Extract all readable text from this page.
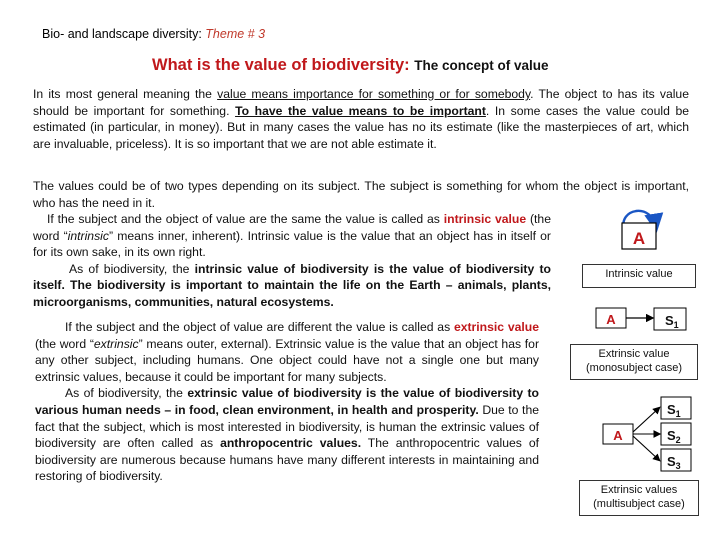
Bio- and landscape diversity: Theme # 3
What is the value of biodiversity: The concept of value
In its most general meaning the value means importance for something or for somebody. The object to has its value should be important for something. To have the value means to be important. In some cases the value could be estimated (in particular, in money). But in many cases the value has no its estimate (like the masterpieces of art, which are invaluable, priceless). It is so important that we are not able estimate it.
The values could be of two types depending on its subject. The subject is something for whom the object is important, who has the need in it.
If the subject and the object of value are the same the value is called as intrinsic value (the word “intrinsic” means inner, inherent). Intrinsic value is the value that an object has in itself or for its own sake, in its own right.
As of biodiversity, the intrinsic value of biodiversity is the value of biodiversity to itself. The biodiversity is important to maintain the life on the Earth – animals, plants, microorganisms, communities, natural ecosystems.
If the subject and the object of value are different the value is called as extrinsic value (the word “extrinsic” means outer, external). Extrinsic value is the value that an object has for any other subject, including humans. One object could have not a single one but many extrinsic values, because it could be important for many subjects.
As of biodiversity, the extrinsic value of biodiversity is the value of biodiversity to various human needs – in food, clean environment, in health and prosperity. Due to the fact that the subject, which is most interested in biodiversity, is human the extrinsic values of biodiversity are often called as anthropocentric values. The anthropocentric values of biodiversity are numerous because humans have many different interests in maintaining and restoring of biodiversity.
A
Intrinsic value
A	$S_1$
Extrinsic value
(monosubject case)
A
$S_1$
$S_2$
$S_3$
Extrinsic values
(multisubject case)
